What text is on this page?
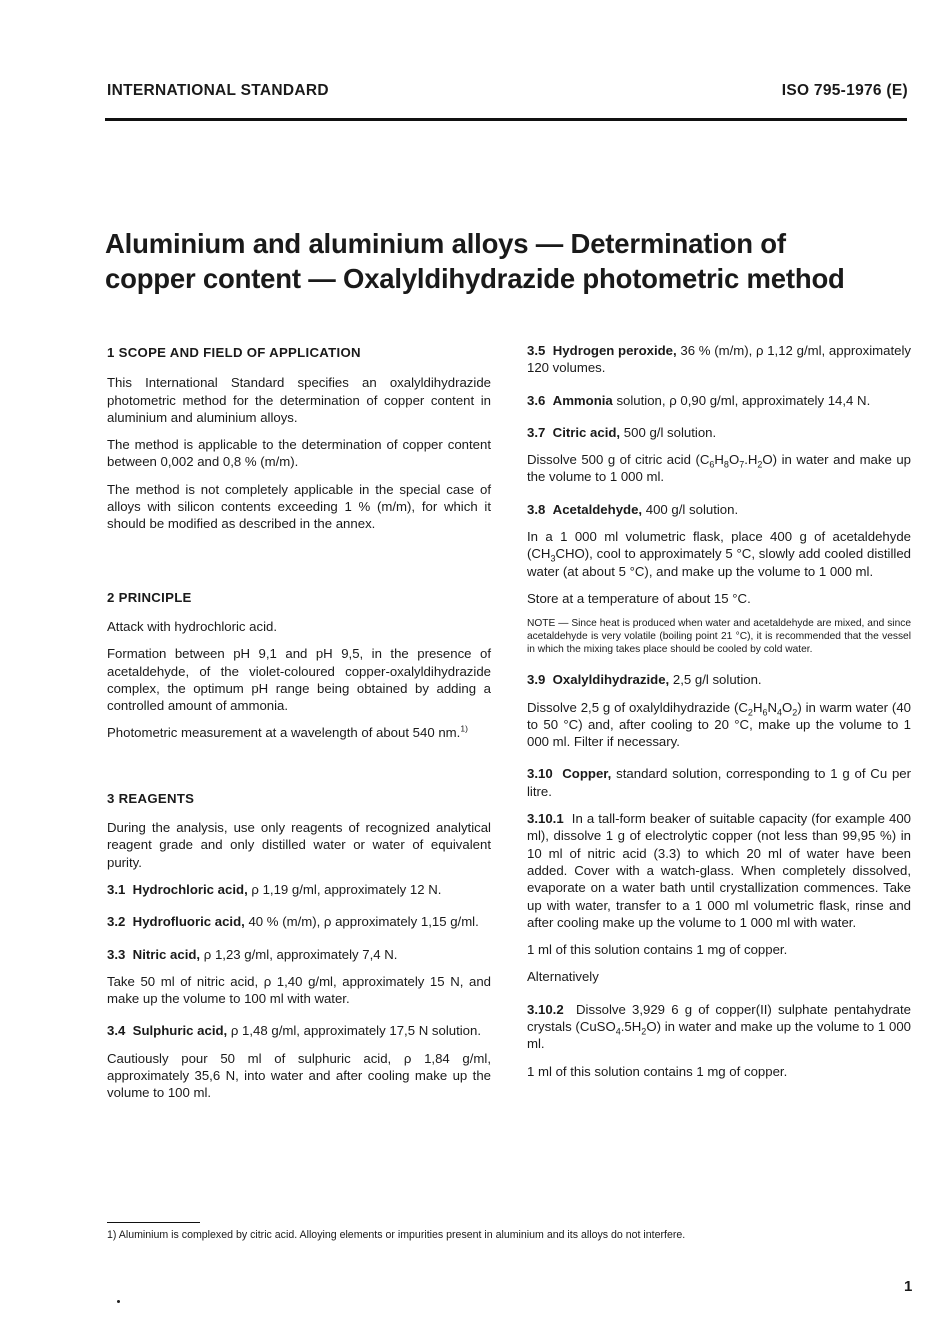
INTERNATIONAL STANDARD	ISO 795-1976 (E)
Aluminium and aluminium alloys — Determination of
copper content — Oxalyldihydrazide photometric method
1 SCOPE AND FIELD OF APPLICATION

This International Standard specifies an oxalyldihydrazide photometric method for the determination of copper content in aluminium and aluminium alloys.

The method is applicable to the determination of copper content between 0,002 and 0,8 % (m/m).

The method is not completely applicable in the special case of alloys with silicon contents exceeding 1 % (m/m), for which it should be modified as described in the annex.

2 PRINCIPLE

Attack with hydrochloric acid.

Formation between pH 9,1 and pH 9,5, in the presence of acetaldehyde, of the violet-coloured copper-oxalyldihydrazide complex, the optimum pH range being obtained by adding a controlled amount of ammonia.

Photometric measurement at a wavelength of about 540 nm.$^{1)}$

3 REAGENTS

During the analysis, use only reagents of recognized analytical reagent grade and only distilled water or water of equivalent purity.

3.1 Hydrochloric acid, ρ 1,19 g/ml, approximately 12 N.

3.2 Hydrofluoric acid, 40 % (m/m), ρ approximately 1,15 g/ml.

3.3 Nitric acid, ρ 1,23 g/ml, approximately 7,4 N.

Take 50 ml of nitric acid, ρ 1,40 g/ml, approximately 15 N, and make up the volume to 100 ml with water.

3.4 Sulphuric acid, ρ 1,48 g/ml, approximately 17,5 N solution.

Cautiously pour 50 ml of sulphuric acid, ρ 1,84 g/ml, approximately 35,6 N, into water and after cooling make up the volume to 100 ml.

3.5 Hydrogen peroxide, 36 % (m/m), ρ 1,12 g/ml, approximately 120 volumes.

3.6 Ammonia solution, ρ 0,90 g/ml, approximately 14,4 N.

3.7 Citric acid, 500 g/l solution.

Dissolve 500 g of citric acid $(C_6H_8O_7.H_2O)$ in water and make up the volume to 1 000 ml.

3.8 Acetaldehyde, 400 g/l solution.

In a 1 000 ml volumetric flask, place 400 g of acetaldehyde $(CH_3CHO)$, cool to approximately 5 °C, slowly add cooled distilled water (at about 5 °C), and make up the volume to 1 000 ml.

Store at a temperature of about 15 °C.

NOTE — Since heat is produced when water and acetaldehyde are mixed, and since acetaldehyde is very volatile (boiling point 21 °C), it is recommended that the vessel in which the mixing takes place should be cooled by cold water.

3.9 Oxalyldihydrazide, 2,5 g/l solution.

Dissolve 2,5 g of oxalyldihydrazide $(C_2H_6N_4O_2)$ in warm water (40 to 50 °C) and, after cooling to 20 °C, make up the volume to 1 000 ml. Filter if necessary.

3.10 Copper, standard solution, corresponding to 1 g of Cu per litre.

3.10.1 In a tall-form beaker of suitable capacity (for example 400 ml), dissolve 1 g of electrolytic copper (not less than 99,95 %) in 10 ml of nitric acid (3.3) to which 20 ml of water have been added. Cover with a watch-glass. When completely dissolved, evaporate on a water bath until crystallization commences. Take up with water, transfer to a 1 000 ml volumetric flask, rinse and after cooling make up the volume to 1 000 ml with water.

1 ml of this solution contains 1 mg of copper.

Alternatively

3.10.2 Dissolve 3,929 6 g of copper(II) sulphate pentahydrate crystals $(CuSO_4.5H_2O)$ in water and make up the volume to 1 000 ml.

1 ml of this solution contains 1 mg of copper.

1) Aluminium is complexed by citric acid. Alloying elements or impurities present in aluminium and its alloys do not interfere.
1
